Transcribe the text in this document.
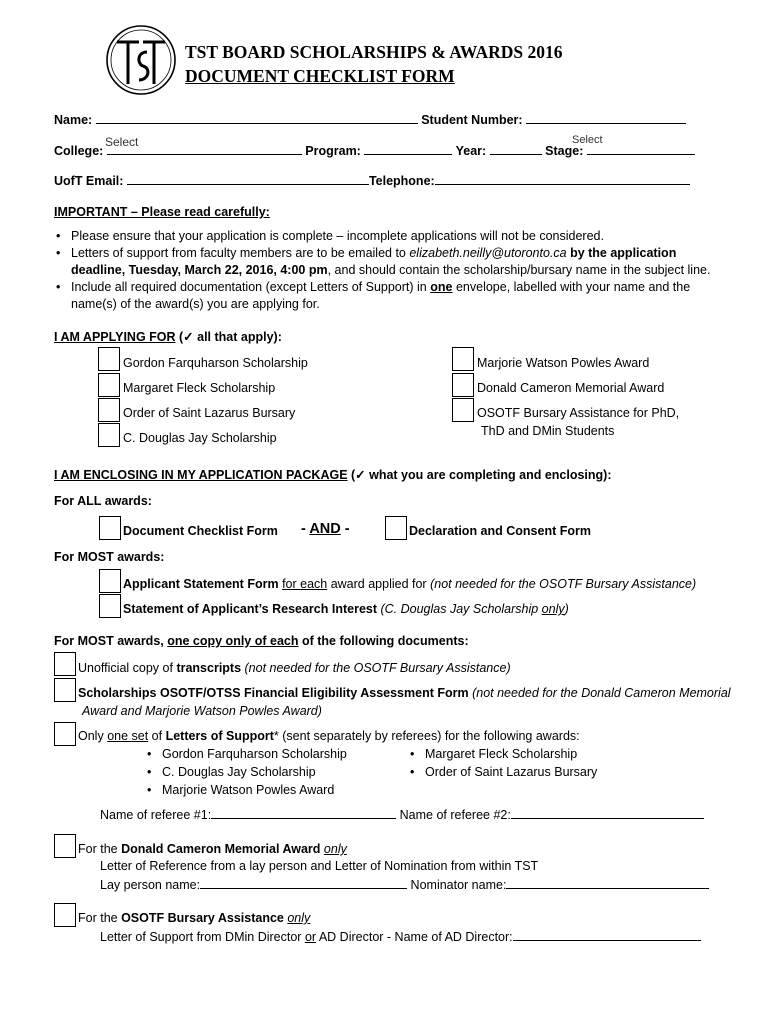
TST BOARD SCHOLARSHIPS & AWARDS 2016
DOCUMENT CHECKLIST FORM
Name:	Student Number:
College:	Program:	Year:	Stage:
Select	Select
UofT Email:	Telephone:
IMPORTANT – Please read carefully:
• Please ensure that your application is complete – incomplete applications will not be considered.
• Letters of support from faculty members are to be emailed to elizabeth.neilly@utoronto.ca by the application
deadline, Tuesday, March 22, 2016, 4:00 pm, and should contain the scholarship/bursary name in the subject line.
• Include all required documentation (except Letters of Support) in one envelope, labelled with your name and the
name(s) of the award(s) you are applying for.
I AM APPLYING FOR (✓ all that apply):
Gordon Farquharson Scholarship
Margaret Fleck Scholarship
Order of Saint Lazarus Bursary
C. Douglas Jay Scholarship
Marjorie Watson Powles Award
Donald Cameron Memorial Award
OSOTF Bursary Assistance for PhD,
ThD and DMin Students
I AM ENCLOSING IN MY APPLICATION PACKAGE (✓ what you are completing and enclosing):
For ALL awards:
Document Checklist Form - AND -	Declaration and Consent Form
For MOST awards:
Applicant Statement Form for each award applied for (not needed for the OSOTF Bursary Assistance)
Statement of Applicant’s Research Interest (C. Douglas Jay Scholarship only)
For MOST awards, one copy only of each of the following documents:
Unofficial copy of transcripts (not needed for the OSOTF Bursary Assistance)
Scholarships OSOTF/OTSS Financial Eligibility Assessment Form (not needed for the Donald Cameron Memorial
Award and Marjorie Watson Powles Award)
Only one set of Letters of Support* (sent separately by referees) for the following awards:
• Gordon Farquharson Scholarship
• C. Douglas Jay Scholarship
• Marjorie Watson Powles Award
• Margaret Fleck Scholarship
• Order of Saint Lazarus Bursary
Name of referee #1:	Name of referee #2:
For the Donald Cameron Memorial Award only
Letter of Reference from a lay person and Letter of Nomination from within TST
Lay person name:	Nominator name:
For the OSOTF Bursary Assistance only
Letter of Support from DMin Director or AD Director - Name of AD Director:
